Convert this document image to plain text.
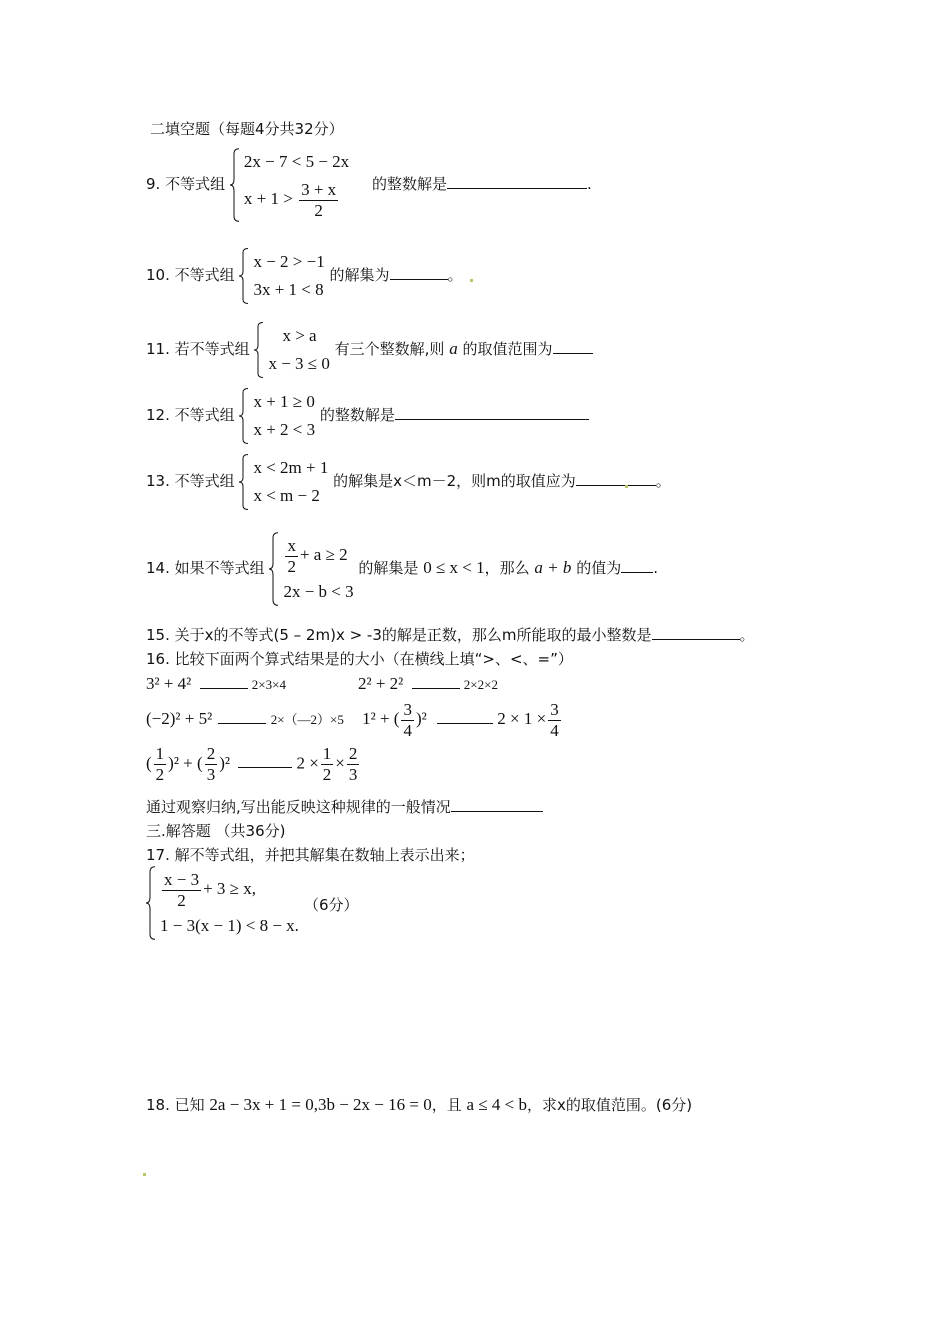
二填空题（每题4分共32分）
9. 不等式组
2x − 7 < 5 − 2x
$x + 1 > \frac{3 + x}{2}$ 的整数解是	.
10. 不等式组
x − 2 > −1
3x + 1 < 8
的解集为	。
11. 若不等式组
x > a
x − 3 ≤ 0
有三个整数解,则 a 的取值范围为
12. 不等式组
x + 1 ≥ 0
x + 2 < 3
的整数解是
13. 不等式组
x < 2m + 1
x < m − 2
的解集是x＜m－2，则m的取值应为	。
14. 如果不等式组 $\frac{x}{2} + a \ge 2$
2x − b < 3
的解集是 0 ≤ x < 1，那么 a + b 的值为 .
15. 关于x的不等式(5 – 2m)x > -3的解是正数，那么m所能取的最小整数是	。
16. 比较下面两个算式结果是的大小（在横线上填“>、<、=”）
3² + 4²	2×3×4	2² + 2²	2×2×2
(−2)² + 5²	2×（—2）×5 1² + ( $\frac{3}{4} )^2$	$2 \times 1 \times \frac{3}{4}$
( $\frac{1}{2} )^2$ + ( $\frac{2}{3} )^2$	$2 \times \frac{1}{2} \times \frac{2}{3}$
通过观察归纳,写出能反映这种规律的一般情况
三.解答题 （共36分)
17. 解不等式组，并把其解集在数轴上表示出来；
$\frac{x - 3}{2} + 3 \ge x$,
1 − 3(x − 1) < 8 − x.
（6分）
18. 已知 2a − 3x + 1 = 0,3b − 2x − 16 = 0，且 a ≤ 4 < b，求x的取值范围。(6分)
